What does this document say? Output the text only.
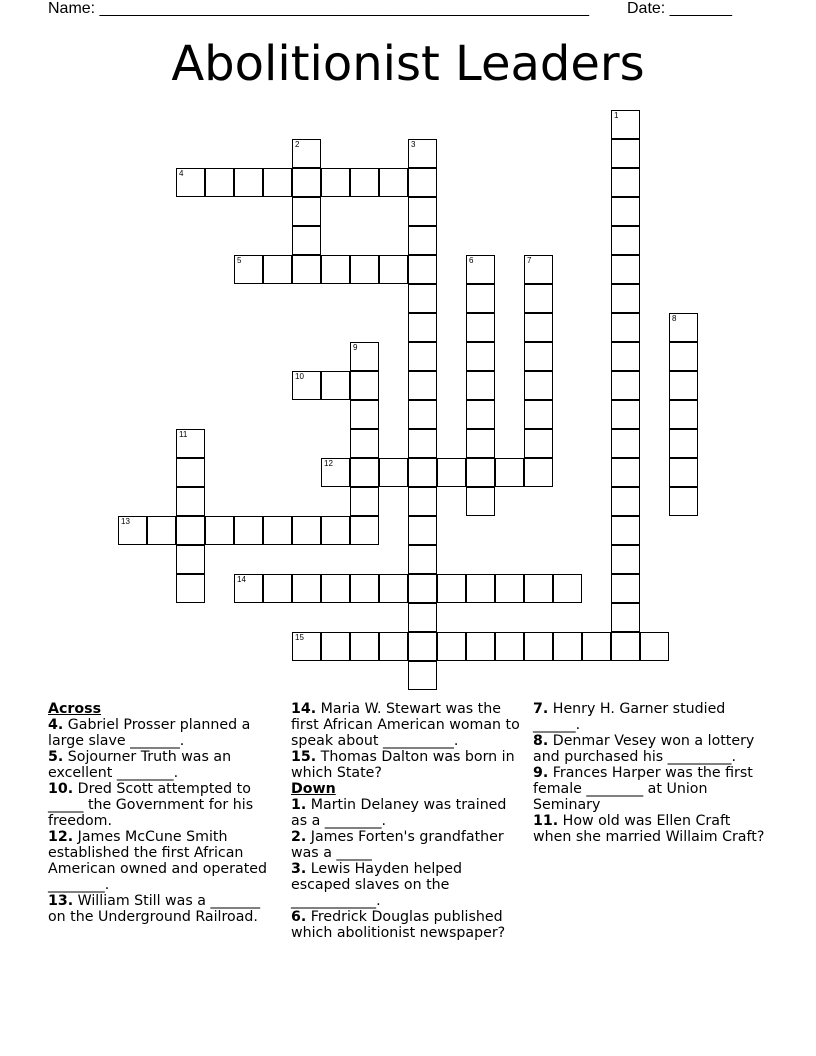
Name: _______________________________________________________ Date: _______
Abolitionist Leaders
4
5
10
12
13
14
15
1
2	3
6	7
8
9
11
Across
4. Gabriel Prosser planned a large slave _______.
5. Sojourner Truth was an excellent ________.
10. Dred Scott attempted to _____ the Government for his freedom.
12. James McCune Smith established the first African American owned and operated ________.
13. William Still was a _______ on the Underground Railroad.
14. Maria W. Stewart was the first African American woman to speak about __________.
15. Thomas Dalton was born in which State?
Down
1. Martin Delaney was trained as a ________.
2. James Forten's grandfather was a _____
3. Lewis Hayden helped escaped slaves on the ____________.
6. Fredrick Douglas published which abolitionist newspaper?
7. Henry H. Garner studied ______.
8. Denmar Vesey won a lottery and purchased his _________.
9. Frances Harper was the first female ________ at Union Seminary
11. How old was Ellen Craft when she married Willaim Craft?
